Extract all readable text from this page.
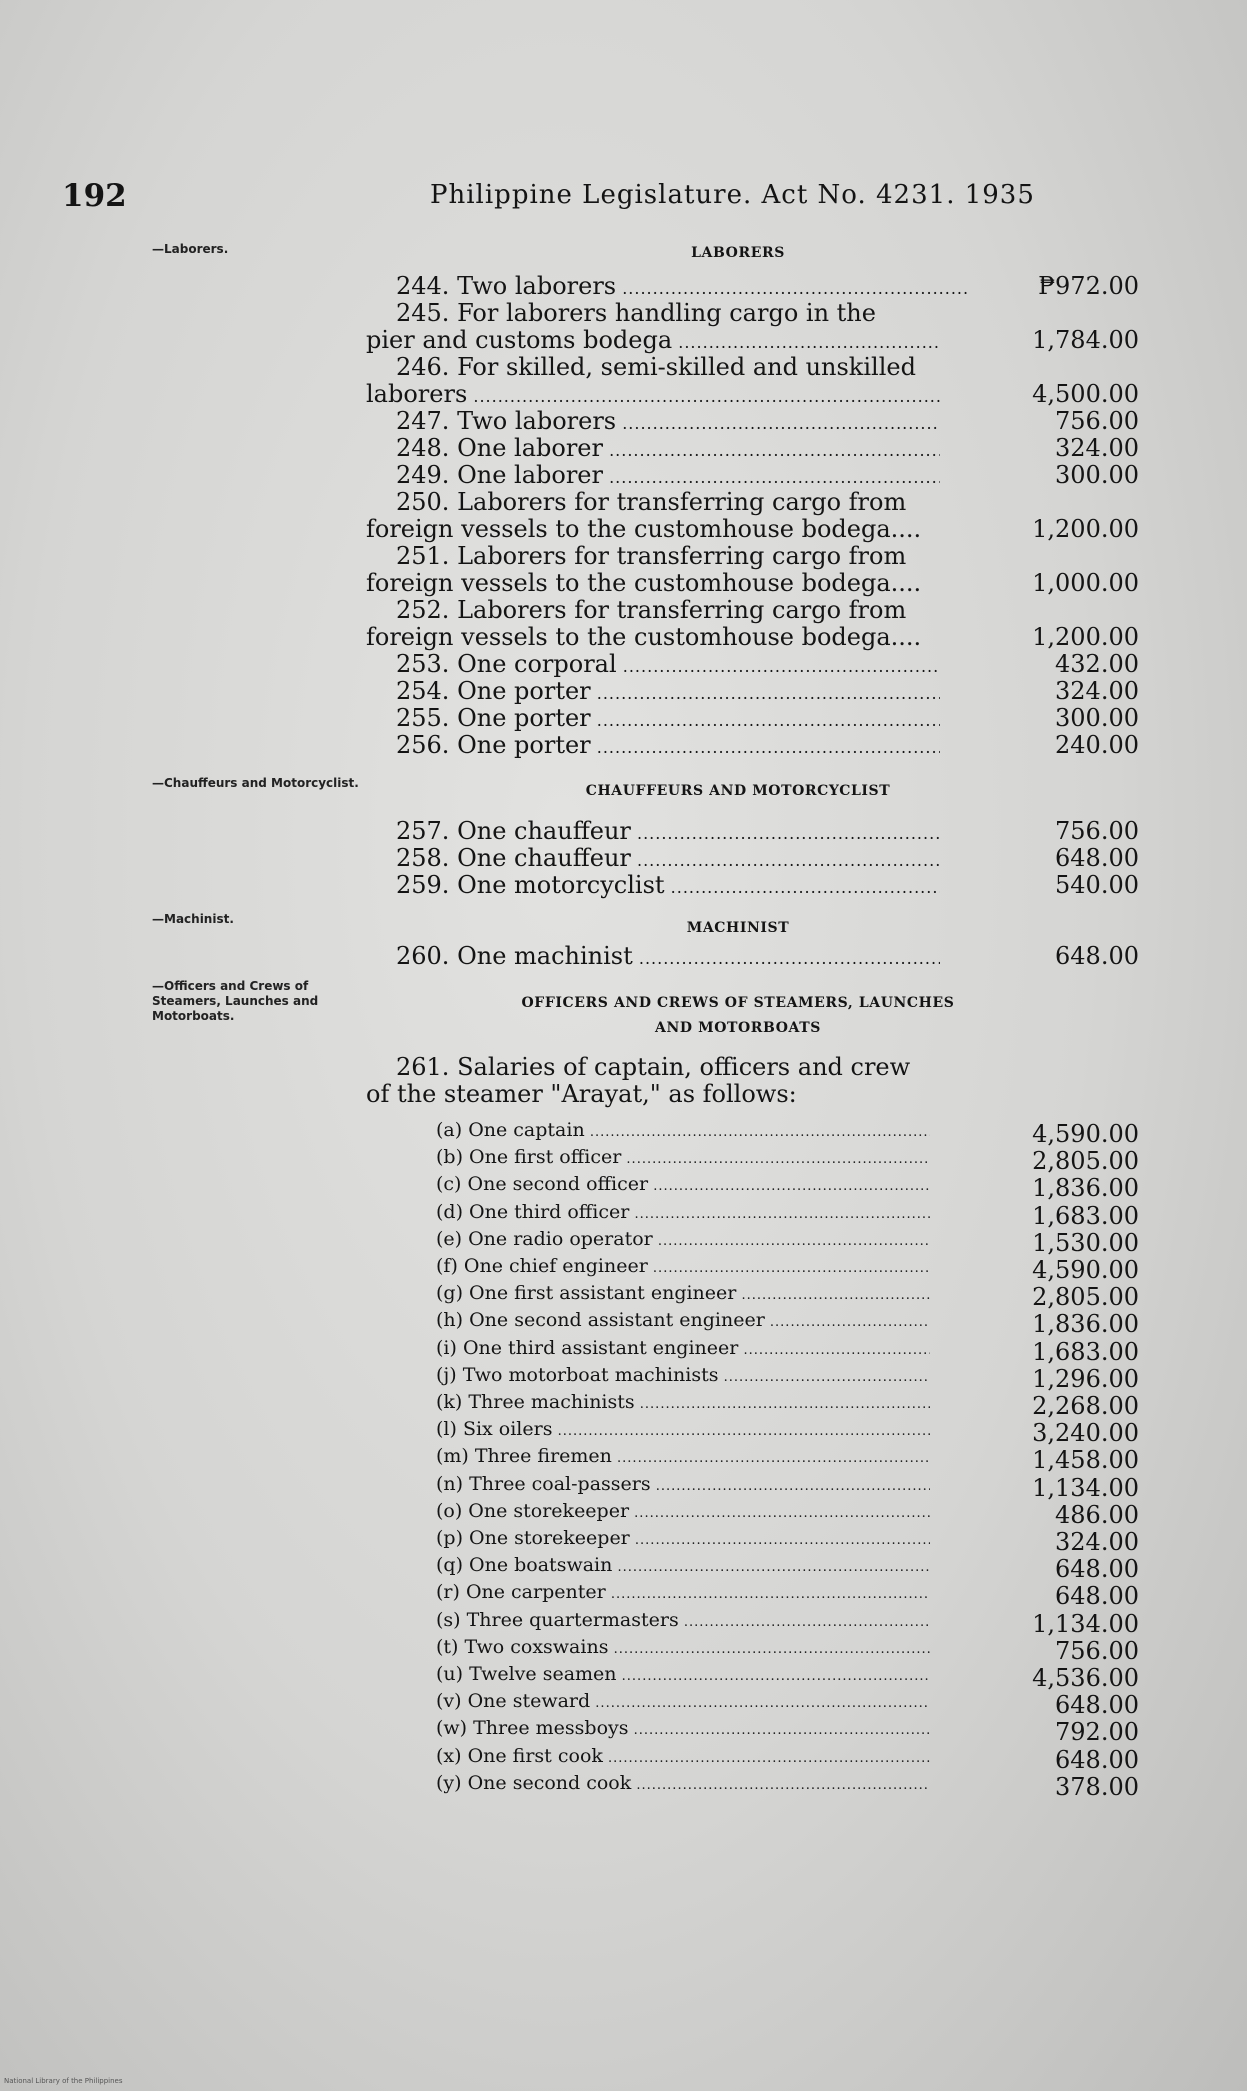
192	Philippine Legislature. Act No. 4231. 1935
—Laborers.
—Chauffeurs and Motorcyclist.
—Machinist.
—Officers and Crews of Steamers, Launches and Motorboats.
LABORERS
244. Two laborers .....	₱972.00
245. For laborers handling cargo in the
pier and customs bodega .....	1,784.00
246. For skilled, semi-skilled and unskilled
laborers .....	4,500.00
247. Two laborers .....	756.00
248. One laborer .....	324.00
249. One laborer .....	300.00
250. Laborers for transferring cargo from
foreign vessels to the customhouse bodega....	1,200.00
251. Laborers for transferring cargo from
foreign vessels to the customhouse bodega....	1,000.00
252. Laborers for transferring cargo from
foreign vessels to the customhouse bodega....	1,200.00
253. One corporal .....	432.00
254. One porter .....	324.00
255. One porter .....	300.00
256. One porter .....	240.00
CHAUFFEURS AND MOTORCYCLIST
257. One chauffeur .....	756.00
258. One chauffeur .....	648.00
259. One motorcyclist .....	540.00
MACHINIST
260. One machinist .....	648.00
OFFICERS AND CREWS OF STEAMERS, LAUNCHES
AND MOTORBOATS
261. Salaries of captain, officers and crew
of the steamer "Arayat," as follows:
(a) One captain .....	4,590.00
(b) One first officer .....	2,805.00
(c) One second officer .....	1,836.00
(d) One third officer .....	1,683.00
(e) One radio operator .....	1,530.00
(f) One chief engineer .....	4,590.00
(g) One first assistant engineer .....	2,805.00
(h) One second assistant engineer .....	1,836.00
(i) One third assistant engineer .....	1,683.00
(j) Two motorboat machinists .....	1,296.00
(k) Three machinists .....	2,268.00
(l) Six oilers .....	3,240.00
(m) Three firemen .....	1,458.00
(n) Three coal-passers .....	1,134.00
(o) One storekeeper .....	486.00
(p) One storekeeper .....	324.00
(q) One boatswain .....	648.00
(r) One carpenter .....	648.00
(s) Three quartermasters .....	1,134.00
(t) Two coxswains .....	756.00
(u) Twelve seamen .....	4,536.00
(v) One steward .....	648.00
(w) Three messboys .....	792.00
(x) One first cook .....	648.00
(y) One second cook .....	378.00
National Library of the Philippines
